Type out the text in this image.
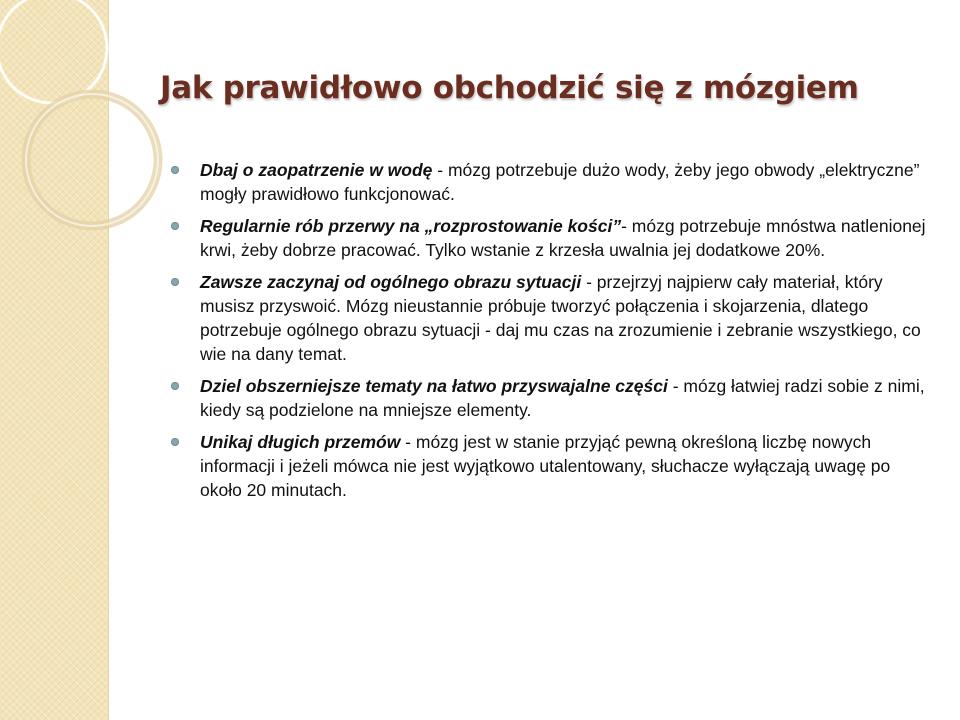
Jak prawidłowo obchodzić się z mózgiem
Dbaj o zaopatrzenie w wodę - mózg potrzebuje dużo wody, żeby jego obwody „elektryczne” mogły prawidłowo funkcjonować.
Regularnie rób przerwy na „rozprostowanie kości”- mózg potrzebuje mnóstwa natlenionej krwi, żeby dobrze pracować. Tylko wstanie z krzesła uwalnia jej dodatkowe 20%.
Zawsze zaczynaj od ogólnego obrazu sytuacji - przejrzyj najpierw cały materiał, który musisz przyswoić. Mózg nieustannie próbuje tworzyć połączenia i skojarzenia, dlatego potrzebuje ogólnego obrazu sytuacji - daj mu czas na zrozumienie i zebranie wszystkiego, co wie na dany temat.
Dziel obszerniejsze tematy na łatwo przyswajalne części - mózg łatwiej radzi sobie z nimi, kiedy są podzielone na mniejsze elementy.
Unikaj długich przemów - mózg jest w stanie przyjąć pewną określoną liczbę nowych informacji i jeżeli mówca nie jest wyjątkowo utalentowany, słuchacze wyłączają uwagę po około 20 minutach.
